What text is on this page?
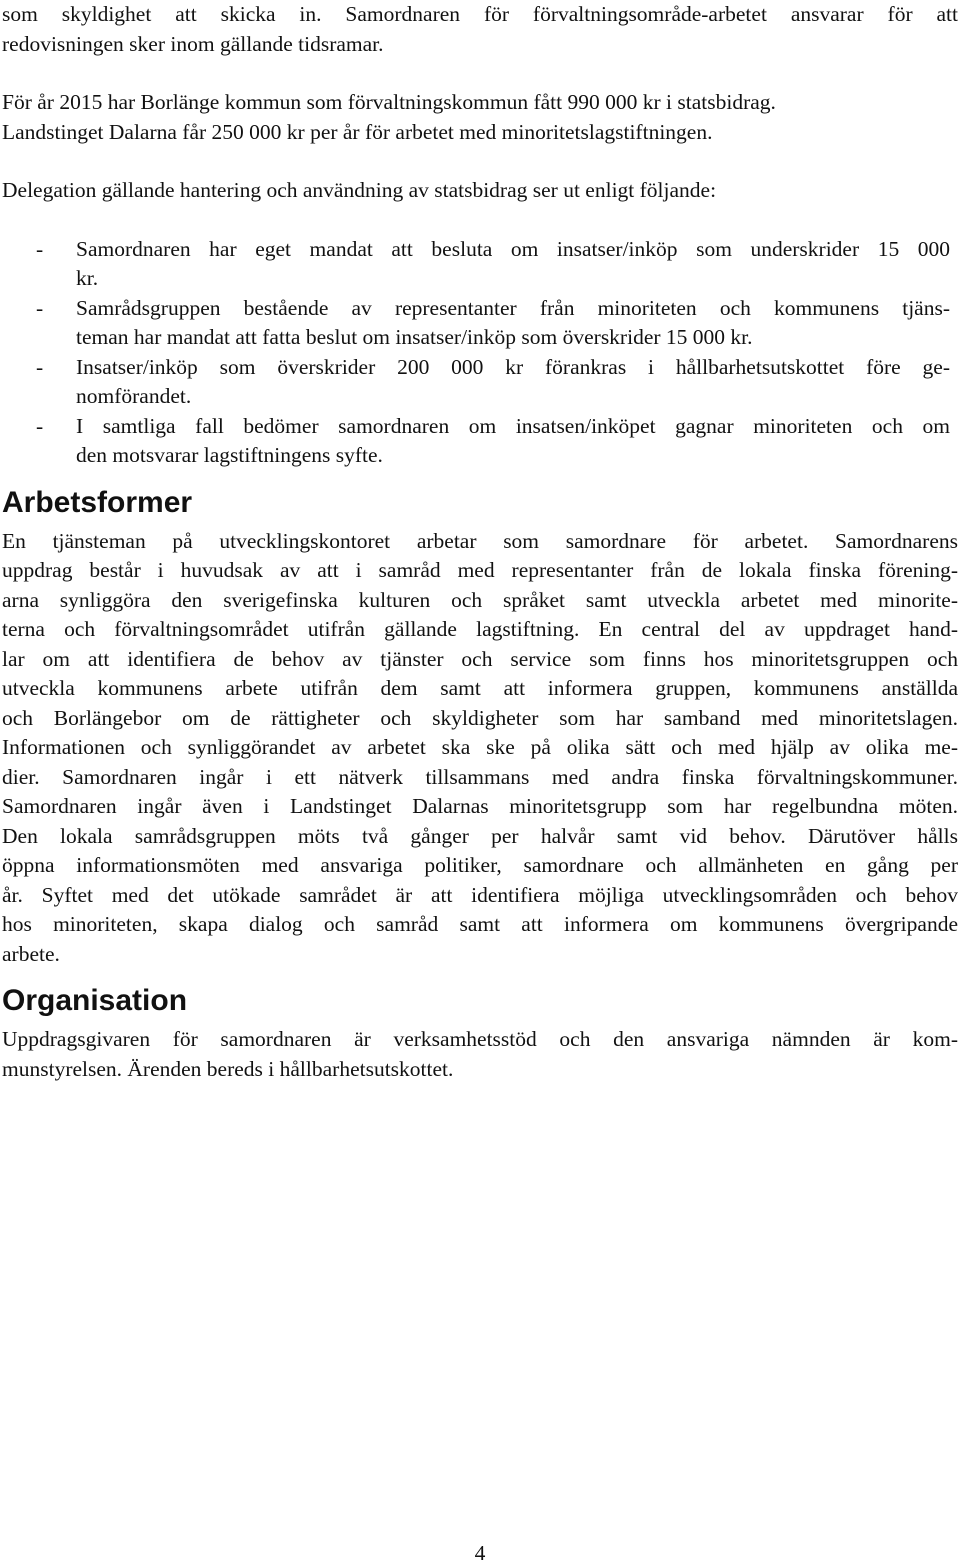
som skyldighet att skicka in. Samordnaren för förvaltningsområde-arbetet ansvarar för att
redovisningen sker inom gällande tidsramar.
För år 2015 har Borlänge kommun som förvaltningskommun fått 990 000 kr i statsbidrag.
Landstinget Dalarna får 250 000 kr per år för arbetet med minoritetslagstiftningen.
Delegation gällande hantering och användning av statsbidrag ser ut enligt följande:
- Samordnaren har eget mandat att besluta om insatser/inköp som underskrider 15 000
kr.
- Samrådsgruppen bestående av representanter från minoriteten och kommunens tjäns-
teman har mandat att fatta beslut om insatser/inköp som överskrider 15 000 kr.
- Insatser/inköp som överskrider 200 000 kr förankras i hållbarhetsutskottet före ge-
nomförandet.
- I samtliga fall bedömer samordnaren om insatsen/inköpet gagnar minoriteten och om
den motsvarar lagstiftningens syfte.
Arbetsformer
En tjänsteman på utvecklingskontoret arbetar som samordnare för arbetet. Samordnarens
uppdrag består i huvudsak av att i samråd med representanter från de lokala finska förening-
arna synliggöra den sverigefinska kulturen och språket samt utveckla arbetet med minorite-
terna och förvaltningsområdet utifrån gällande lagstiftning. En central del av uppdraget hand-
lar om att identifiera de behov av tjänster och service som finns hos minoritetsgruppen och
utveckla kommunens arbete utifrån dem samt att informera gruppen, kommunens anställda
och Borlängebor om de rättigheter och skyldigheter som har samband med minoritetslagen.
Informationen och synliggörandet av arbetet ska ske på olika sätt och med hjälp av olika me-
dier. Samordnaren ingår i ett nätverk tillsammans med andra finska förvaltningskommuner.
Samordnaren ingår även i Landstinget Dalarnas minoritetsgrupp som har regelbundna möten.
Den lokala samrådsgruppen möts två gånger per halvår samt vid behov. Därutöver hålls
öppna informationsmöten med ansvariga politiker, samordnare och allmänheten en gång per
år. Syftet med det utökade samrådet är att identifiera möjliga utvecklingsområden och behov
hos minoriteten, skapa dialog och samråd samt att informera om kommunens övergripande
arbete.
Organisation
Uppdragsgivaren för samordnaren är verksamhetsstöd och den ansvariga nämnden är kom-
munstyrelsen. Ärenden bereds i hållbarhetsutskottet.
4
